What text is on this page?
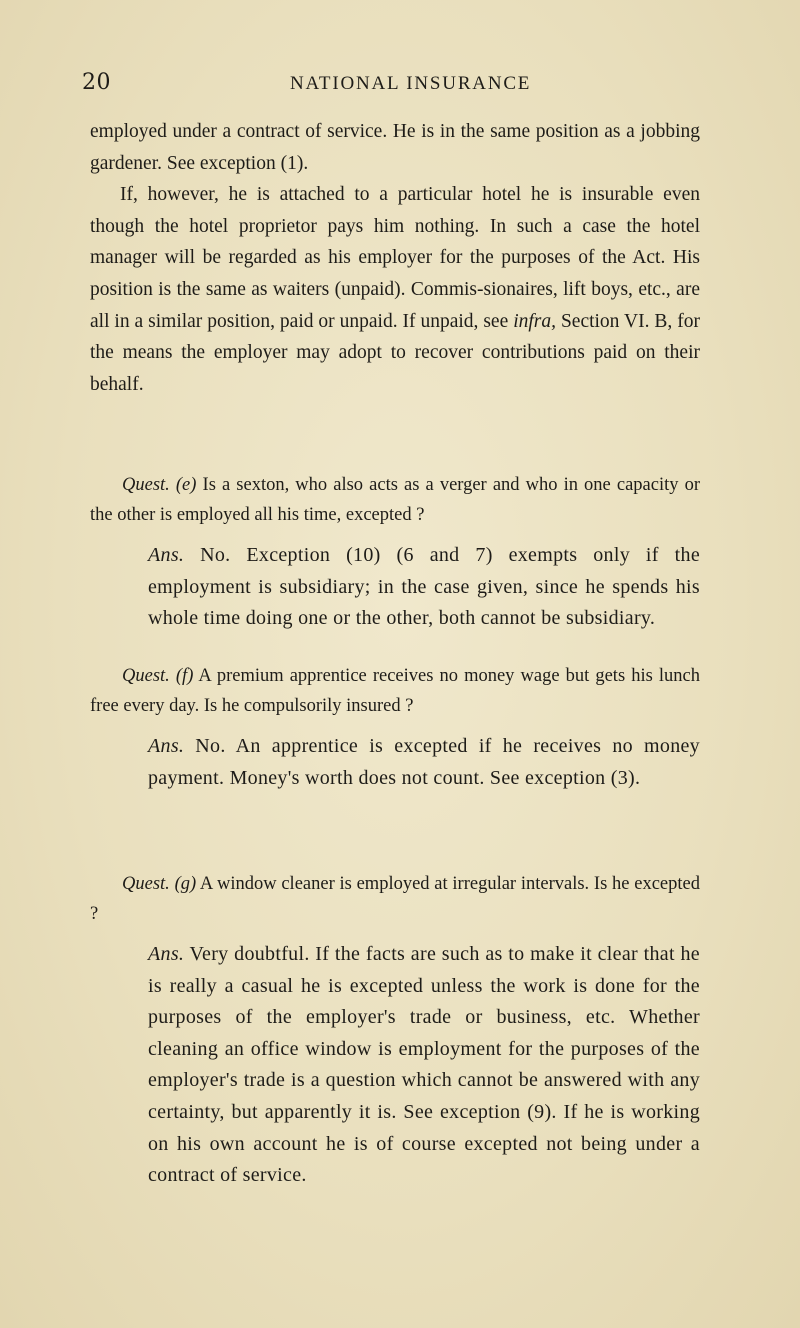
20	NATIONAL INSURANCE

employed under a contract of service. He is in the same position as a jobbing gardener. See exception (1).

If, however, he is attached to a particular hotel he is insurable even though the hotel proprietor pays him nothing. In such a case the hotel manager will be regarded as his employer for the purposes of the Act. His position is the same as waiters (unpaid). Commis-sionaires, lift boys, etc., are all in a similar position, paid or unpaid. If unpaid, see infra, Section VI. B, for the means the employer may adopt to recover contributions paid on their behalf.

Quest. (e) Is a sexton, who also acts as a verger and who in one capacity or the other is employed all his time, excepted ?

Ans. No. Exception (10) (6 and 7) exempts only if the employment is subsidiary; in the case given, since he spends his whole time doing one or the other, both cannot be subsidiary.

Quest. (f) A premium apprentice receives no money wage but gets his lunch free every day. Is he compulsorily insured ?

Ans. No. An apprentice is excepted if he receives no money payment. Money's worth does not count. See exception (3).

Quest. (g) A window cleaner is employed at irregular intervals. Is he excepted ?

Ans. Very doubtful. If the facts are such as to make it clear that he is really a casual he is excepted unless the work is done for the purposes of the employer's trade or business, etc. Whether cleaning an office window is employment for the purposes of the employer's trade is a question which cannot be answered with any certainty, but apparently it is. See exception (9). If he is working on his own account he is of course excepted not being under a contract of service.
